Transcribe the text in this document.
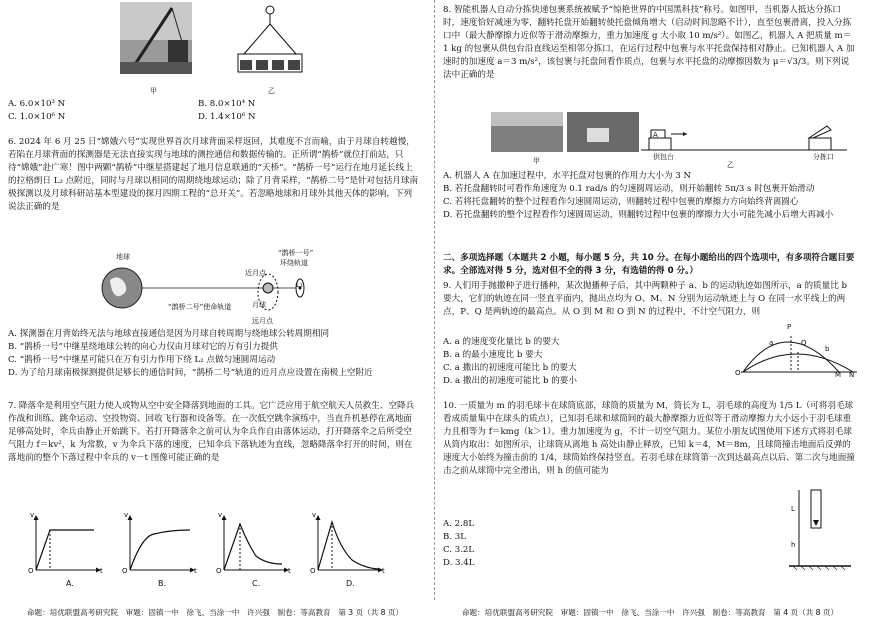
甲	乙
A. 6.0×10³ N	B. 8.0×10⁴ N
C. 1.0×10⁶ N	D. 1.4×10⁶ N

6. 2024 年 6 月 25 日“嫦娥六号”实现世界首次月球背面采样返回，其难度不言而喻，由于月球自转越慢，若陷在月球背面的探测器是无法直接实现与地球的测控通信和数据传输的。正所谓“鹊桥”就位打前站，只待“嫦娥”赴广寒！图中两颗“鹊桥”中继星搭建起了地月信息联通的“天桥”。“鹊桥一号”运行在地月延长线上的拉格朗日 L₂ 点附近，同时与月球以相同的周期绕地球运动；除了月背采样，“鹊桥二号”是针对包括月球南极探测以及月球科研站基本型建设的探月四期工程的“总开关”。若忽略地球和月球外其他天体的影响，下列说法正确的是

地球	“鹊桥一号”
环绕轨道
近月点
L₂
月球
“鹊桥二号”使命轨道
远月点

A. 探测器在月背始终无法与地球直接通信是因为月球自转周期与绕地球公转周期相同

B. “鹊桥一号”中继星绕地球公转的向心力仅由月球对它的万有引力提供

C. “鹊桥一号”中继星可能只在万有引力作用下绕 L₂ 点做匀速圆周运动

D. 为了给月球南极探测提供足够长的通信时间，“鹊桥二号”轨道的近月点应设置在南极上空附近

7. 降落伞是利用空气阻力使人或物从空中安全降落到地面的工具。它广泛应用于航空航天人员救生、空降兵作战和训练、跳伞运动、空投物资、回收飞行器和设备等。在一次低空跳伞演练中，当直升机悬停在离地面足够高处时，伞兵由静止开始跳下。若打开降落伞之前可认为伞兵作自由落体运动，打开降落伞之后所受空气阻力 f＝kv²，k 为常数，v 为伞兵下落的速度，已知伞兵下落轨迹为直线，忽略降落伞打开的时间，则在落地前的整个下落过程中伞兵的 v－t 图像可能正确的是

v
t
v
t
v
t
v
t
O	O	O	O
A.	B.	C.	D.
命题：培优联盟高考研究院　审题：固镇一中　徐飞、当涂一中　许兴强　制卷：等高教育　第 3 页（共 8 页）

8. 智能机器人自动分拣快递包裹系统被赋予“惊艳世界的中国黑科技”称号。如图甲，当机器人抵达分拣口时，速度恰好减速为零，翻转托盘开始翻转使托盘倾角增大（启动时间忽略不计），直至包裹滑离，投入分拣口中（最大静摩擦力近似等于滑动摩擦力，重力加速度 g 大小取 10 m/s²）。如图乙，机器人 A 把质量 m＝1 kg 的包裹从供包台沿直线运至相邻分拣口，在运行过程中包裹与水平托盘保持相对静止。已知机器人 A 加速时的加速度 a＝3 m/s²，该包裹与托盘间看作质点，包裹与水平托盘的动摩擦因数为 μ＝√3/3。则下列说法中正确的是

甲	供包台
A
分拣口
乙

A. 机器人 A 在加速过程中，水平托盘对包裹的作用力大小为 3 N

B. 若托盘翻转时可看作角速度为 0.1 rad/s 的匀速圆周运动，则开始翻转 5π/3 s 时包裹开始滑动

C. 若将托盘翻转的整个过程看作匀速圆周运动，则翻转过程中包裹的摩擦力方向始终背离圆心

D. 若托盘翻转的整个过程看作匀速圆周运动，则翻转过程中包裹的摩擦力大小可能先减小后增大再减小

二、多项选择题（本题共 2 小题，每小题 5 分，共 10 分。在每小题给出的四个选项中，有多项符合题目要求。全部选对得 5 分，选对但不全的得 3 分，有选错的得 0 分。）

9. 人们用手抛撒种子进行播种，某次抛播种子后，其中两颗种子 a、b 的运动轨迹如图所示，a 的质量比 b 要大，它们的轨迹在同一竖直平面内，抛出点均为 O、M、N 分别为运动轨迹上与 O 在同一水平线上的两点，P、Q 是两轨迹的最高点。从 O 到 M 和 O 到 N 的过程中，不计空气阻力，则

P
Q
a
b
O	M N

A. a 的速度变化量比 b 的要大

B. a 的最小速度比 b 要大

C. a 撒出的初速度可能比 b 的要大

D. a 撒出的初速度可能比 b 的要小

10. 一质量为 m 的羽毛球卡在球筒底部，球筒的质量为 M，筒长为 L，羽毛球的高度为 1/5 L（可将羽毛球看成质量集中在球头的质点），已知羽毛球和球筒间的最大静摩擦力近似等于滑动摩擦力大小远小于羽毛球重力且相等为 f＝kmg（k＞1）。重力加速度为 g，不计一切空气阻力。某位小朋友试图使用下述方式将羽毛球从筒内取出：如图所示，让球筒从离地 h 高处由静止释放，已知 k＝4，M＝8m，且球筒撞击地面后反弹的速度大小始终为撞击前的 1/4，球筒始终保持竖直。若羽毛球在球筒第一次到达最高点以后、第二次与地面撞击之前从球筒中完全滑出，则 h 的值可能为

L
h

A. 2.8L

B. 3L

C. 3.2L

D. 3.4L

命题：培优联盟高考研究院　审题：固镇一中　徐飞、当涂一中　许兴强　制卷：等高教育　第 4 页（共 8 页）
